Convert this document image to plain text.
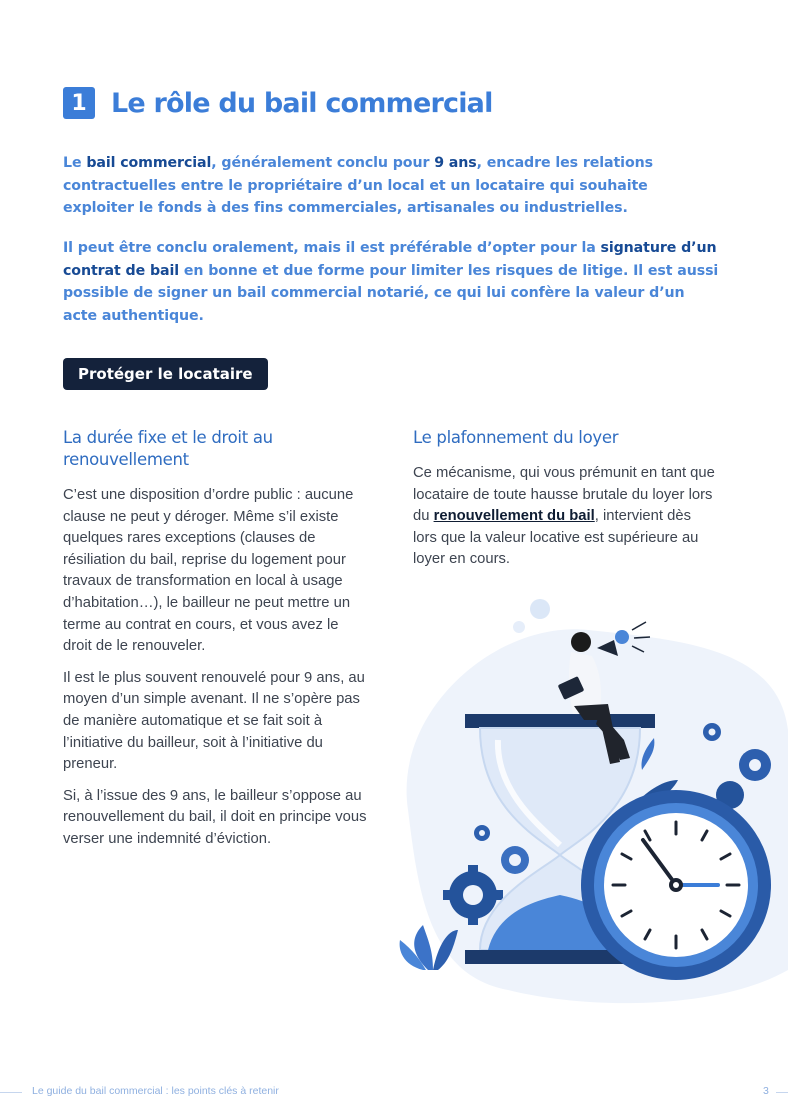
1 Le rôle du bail commercial

Le bail commercial, généralement conclu pour 9 ans, encadre les relations contractuelles entre le propriétaire d’un local et un locataire qui souhaite exploiter le fonds à des fins commerciales, artisanales ou industrielles.

Il peut être conclu oralement, mais il est préférable d’opter pour la signature d’un contrat de bail en bonne et due forme pour limiter les risques de litige. Il est aussi possible de signer un bail commercial notarié, ce qui lui confère la valeur d’un acte authentique.

Protéger le locataire
La durée fixe et le droit au renouvellement

C’est une disposition d’ordre public : aucune clause ne peut y déroger. Même s’il existe quelques rares exceptions (clauses de résiliation du bail, reprise du logement pour travaux de transformation en local à usage d’habitation…), le bailleur ne peut mettre un terme au contrat en cours, et vous avez le droit de le renouveler.

Il est le plus souvent renouvelé pour 9 ans, au moyen d’un simple avenant. Il ne s’opère pas de manière automatique et se fait soit à l’initiative du bailleur, soit à l’initiative du preneur.

Si, à l’issue des 9 ans, le bailleur s’oppose au renouvellement du bail, il doit en principe vous verser une indemnité d’éviction.

Le plafonnement du loyer

Ce mécanisme, qui vous prémunit en tant que locataire de toute hausse brutale du loyer lors du renouvellement du bail, intervient dès lors que la valeur locative est supérieure au loyer en cours.

Le guide du bail commercial : les points clés à retenir	3
